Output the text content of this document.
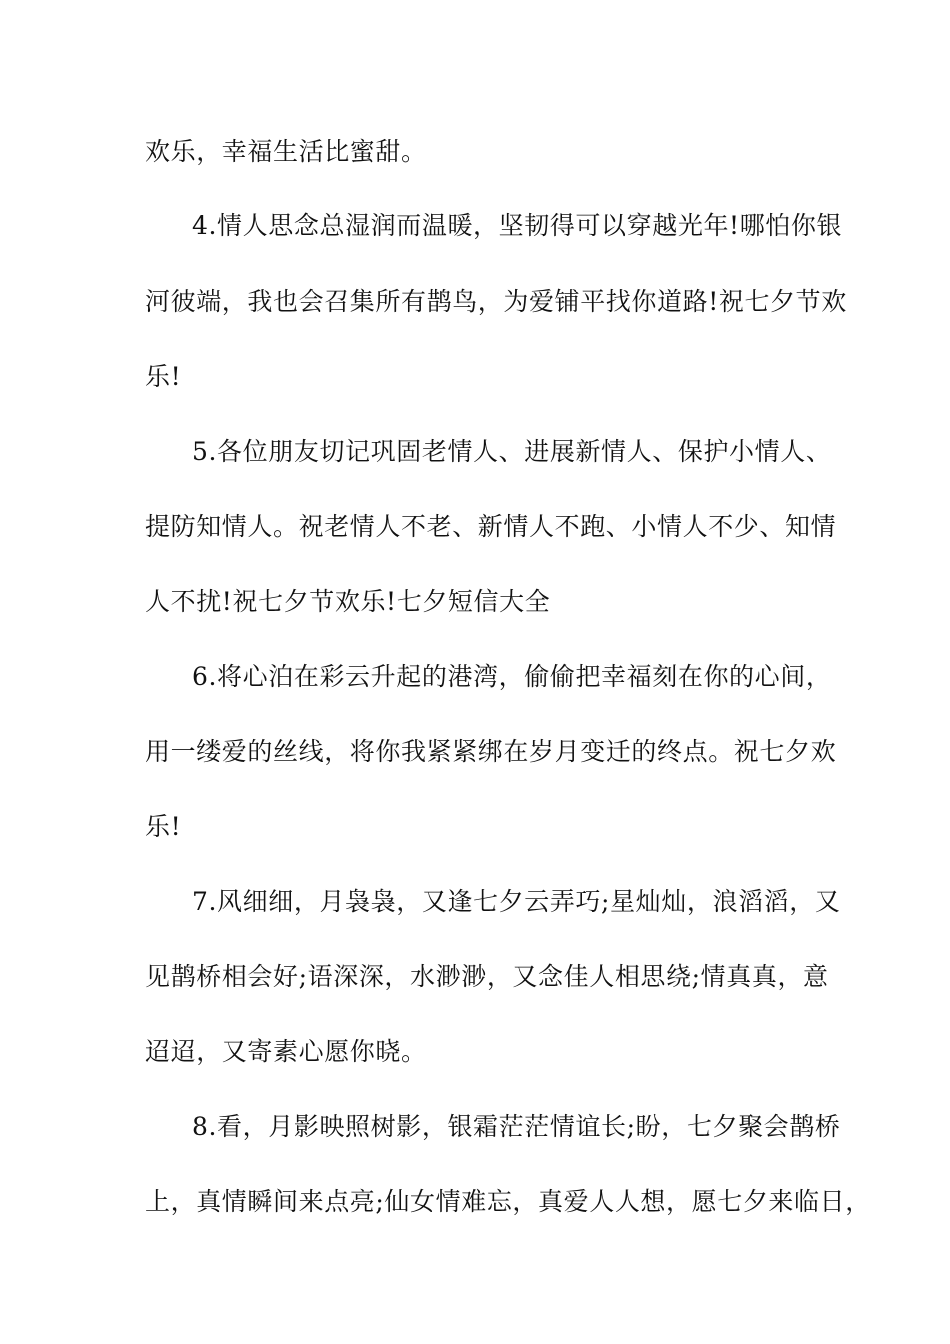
欢乐，幸福生活比蜜甜。
4.情人思念总湿润而温暖，坚韧得可以穿越光年!哪怕你银
河彼端，我也会召集所有鹊鸟，为爱铺平找你道路!祝七夕节欢
乐!
5.各位朋友切记巩固老情人、进展新情人、保护小情人、
提防知情人。祝老情人不老、新情人不跑、小情人不少、知情
人不扰!祝七夕节欢乐!七夕短信大全
6.将心泊在彩云升起的港湾，偷偷把幸福刻在你的心间，
用一缕爱的丝线，将你我紧紧绑在岁月变迁的终点。祝七夕欢
乐!
7.风细细，月袅袅，又逢七夕云弄巧;星灿灿，浪滔滔，又
见鹊桥相会好;语深深，水渺渺，又念佳人相思绕;情真真，意
迢迢，又寄素心愿你晓。
8.看，月影映照树影，银霜茫茫情谊长;盼，七夕聚会鹊桥
上，真情瞬间来点亮;仙女情难忘，真爱人人想，愿七夕来临日，
